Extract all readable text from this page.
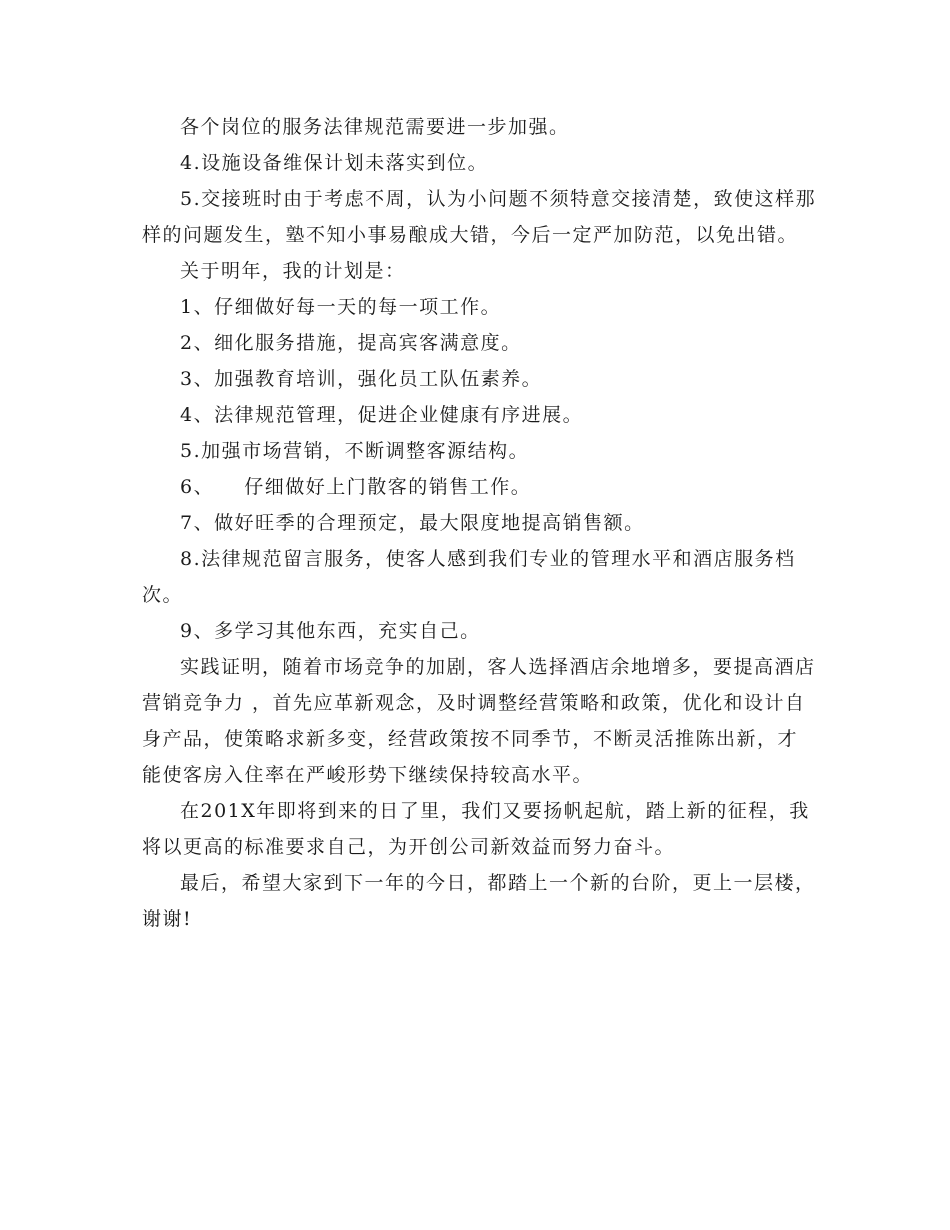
各个岗位的服务法律规范需要进一步加强。

4.设施设备维保计划未落实到位。

5.交接班时由于考虑不周，认为小问题不须特意交接清楚，致使这样那样的问题发生，塾不知小事易酿成大错，今后一定严加防范，以免出错。

关于明年，我的计划是：

1、仔细做好每一天的每一项工作。

2、细化服务措施，提高宾客满意度。

3、加强教育培训，强化员工队伍素养。

4、法律规范管理，促进企业健康有序进展。

5.加强市场营销，不断调整客源结构。

6、    仔细做好上门散客的销售工作。

7、做好旺季的合理预定，最大限度地提高销售额。

8.法律规范留言服务，使客人感到我们专业的管理水平和酒店服务档次。

9、多学习其他东西，充实自己。

实践证明，随着市场竞争的加剧，客人选择酒店余地增多，要提高酒店 营销竞争力 ，首先应革新观念，及时调整经营策略和政策，优化和设计自身产品，使策略求新多变，经营政策按不同季节，不断灵活推陈出新，才能使客房入住率在严峻形势下继续保持较高水平。

在201X年即将到来的日了里，我们又要扬帆起航，踏上新的征程，我将以更高的标准要求自己，为开创公司新效益而努力奋斗。

最后，希望大家到下一年的今日，都踏上一个新的台阶，更上一层楼，谢谢!
